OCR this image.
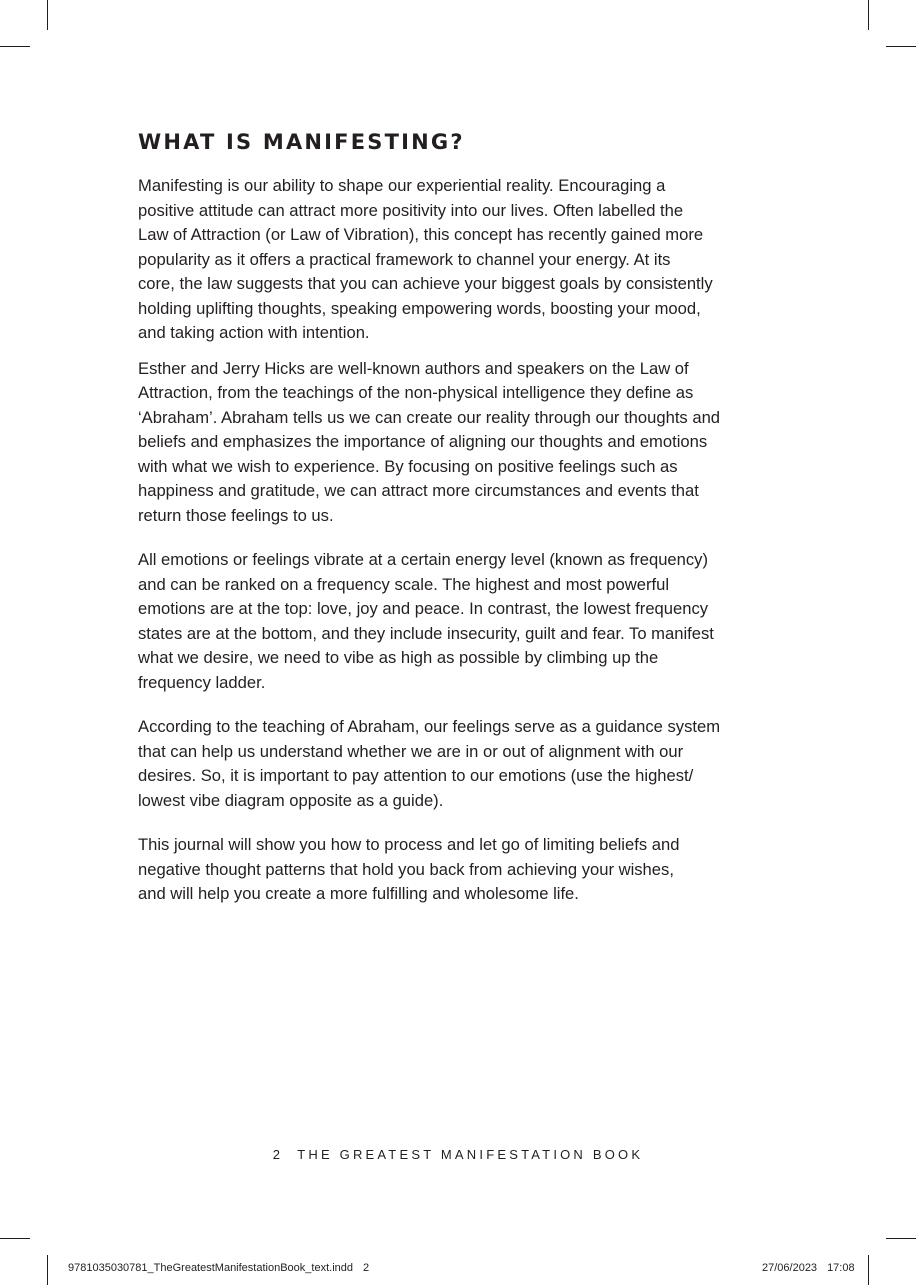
WHAT IS MANIFESTING?

Manifesting is our ability to shape our experiential reality. Encouraging a
positive attitude can attract more positivity into our lives. Often labelled the
Law of Attraction (or Law of Vibration), this concept has recently gained more
popularity as it offers a practical framework to channel your energy. At its
core, the law suggests that you can achieve your biggest goals by consistently
holding uplifting thoughts, speaking empowering words, boosting your mood,
and taking action with intention.

Esther and Jerry Hicks are well-known authors and speakers on the Law of
Attraction, from the teachings of the non-physical intelligence they define as
‘Abraham’. Abraham tells us we can create our reality through our thoughts and
beliefs and emphasizes the importance of aligning our thoughts and emotions
with what we wish to experience. By focusing on positive feelings such as
happiness and gratitude, we can attract more circumstances and events that
return those feelings to us.

All emotions or feelings vibrate at a certain energy level (known as frequency)
and can be ranked on a frequency scale. The highest and most powerful
emotions are at the top: love, joy and peace. In contrast, the lowest frequency
states are at the bottom, and they include insecurity, guilt and fear. To manifest
what we desire, we need to vibe as high as possible by climbing up the
frequency ladder.

According to the teaching of Abraham, our feelings serve as a guidance system
that can help us understand whether we are in or out of alignment with our
desires. So, it is important to pay attention to our emotions (use the highest/
lowest vibe diagram opposite as a guide).

This journal will show you how to process and let go of limiting beliefs and
negative thought patterns that hold you back from achieving your wishes,
and will help you create a more fulfilling and wholesome life.

2 THE GREATEST MANIFESTATION BOOK
9781035030781_TheGreatestManifestationBook_text.indd 2	27/06/2023 17:08
